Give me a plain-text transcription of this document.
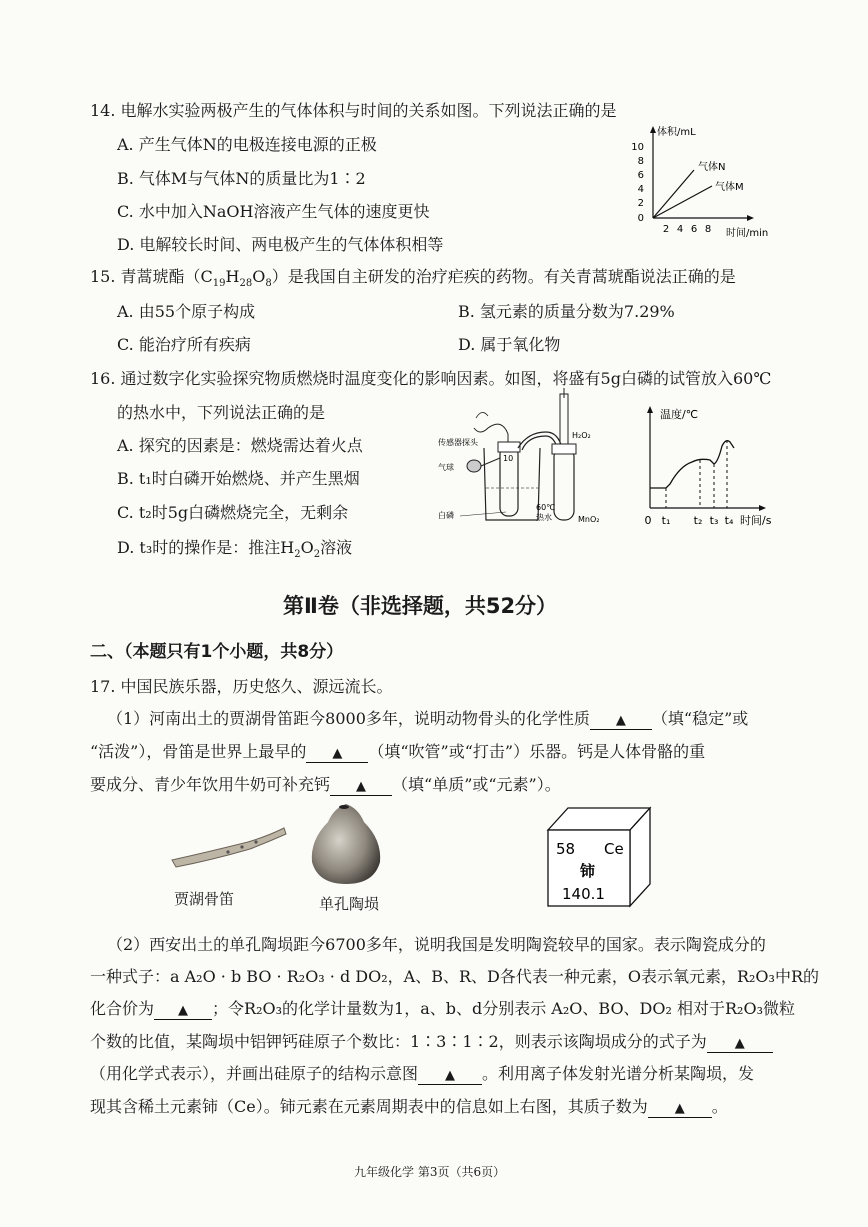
14. 电解水实验两极产生的气体体积与时间的关系如图。下列说法正确的是
A. 产生气体N的电极连接电源的正极
B. 气体M与气体N的质量比为1∶2
C. 水中加入NaOH溶液产生气体的速度更快
D. 电解较长时间、两电极产生的气体体积相等
体积/mL
10
8
6
4
2
0
气体N
气体M
2 4 6 8 时间/min
15. 青蒿琥酯$(C_{19}H_{28}O_8)$是我国自主研发的治疗疟疾的药物。有关青蒿琥酯说法正确的是
A. 由55个原子构成	B. 氢元素的质量分数为7.29%
C. 能治疗所有疾病	D. 属于氧化物
16. 通过数字化实验探究物质燃烧时温度变化的影响因素。如图，将盛有5g白磷的试管放入60℃
的热水中，下列说法正确的是
A. 探究的因素是：燃烧需达着火点
B. t₁时白磷开始燃烧、并产生黑烟
C. t₂时5g白磷燃烧完全，无剩余
D. t₃时的操作是：推注$H_2O_2$溶液
10
传感器探头
气球
H₂O₂
白磷
60℃
热水	MnO₂
温度/℃
0 t₁ t₂ t₃ t₄ 时间/s
第Ⅱ卷（非选择题，共52分）
二、（本题只有1个小题，共8分）
17. 中国民族乐器，历史悠久、源远流长。
（1）河南出土的贾湖骨笛距今8000多年，说明动物骨头的化学性质 ▲ （填“稳定”或
“活泼”），骨笛是世界上最早的 ▲ （填“吹管”或“打击”）乐器。钙是人体骨骼的重
要成分、青少年饮用牛奶可补充钙 ▲ （填“单质”或“元素”）。
贾湖骨笛	单孔陶埙
58 Ce
铈
140.1
（2）西安出土的单孔陶埙距今6700多年，说明我国是发明陶瓷较早的国家。表示陶瓷成分的
一种式子：a A₂O · b BO · R₂O₃ · d DO₂，A、B、R、D各代表一种元素，O表示氧元素，R₂O₃中R的
化合价为 ▲ ；令R₂O₃的化学计量数为1，a、b、d分别表示 A₂O、BO、DO₂ 相对于R₂O₃微粒
个数的比值，某陶埙中铝钾钙硅原子个数比：1∶3∶1∶2，则表示该陶埙成分的式子为 ▲
（用化学式表示），并画出硅原子的结构示意图 ▲ 。利用离子体发射光谱分析某陶埙，发
现其含稀土元素铈（Ce）。铈元素在元素周期表中的信息如上右图，其质子数为 ▲ 。
九年级化学 第3页（共6页）
